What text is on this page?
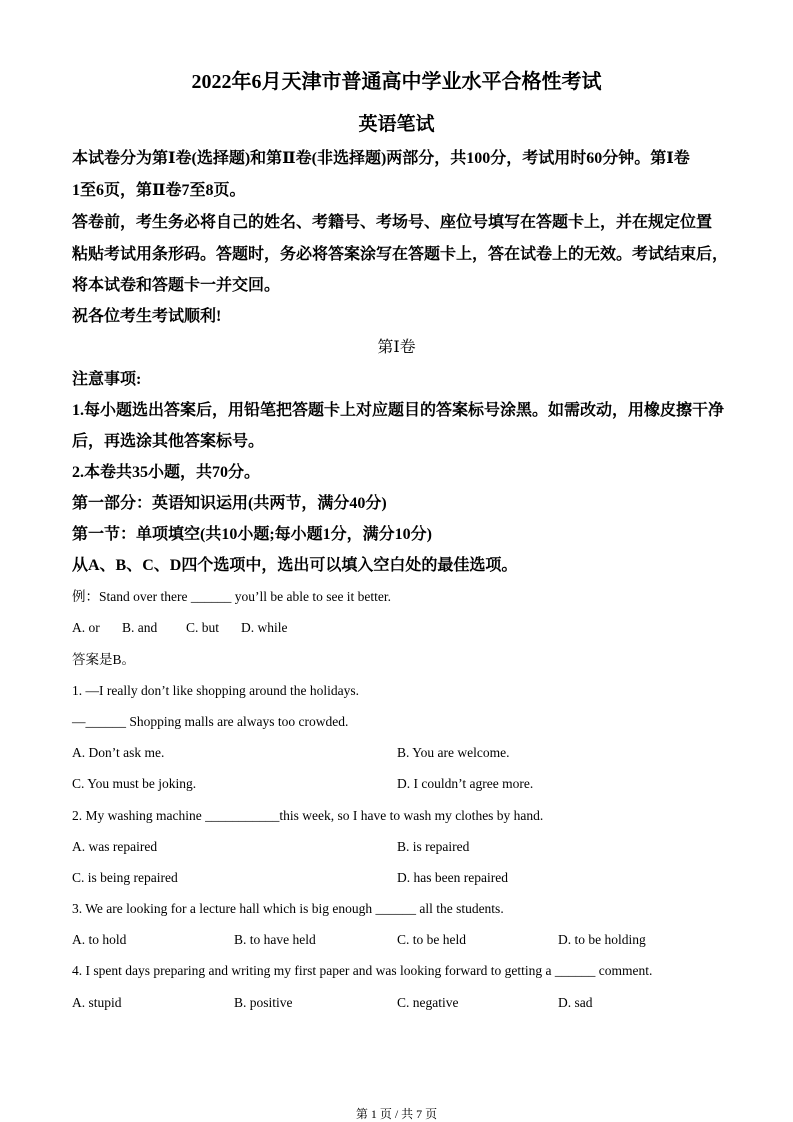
2022年6月天津市普通高中学业水平合格性考试
英语笔试
本试卷分为第Ⅰ卷(选择题)和第Ⅱ卷(非选择题)两部分，共100分，考试用时60分钟。第Ⅰ卷
1至6页，第Ⅱ卷7至8页。
答卷前，考生务必将自己的姓名、考籍号、考场号、座位号填写在答题卡上，并在规定位置
粘贴考试用条形码。答题时，务必将答案涂写在答题卡上，答在试卷上的无效。考试结束后，
将本试卷和答题卡一并交回。
祝各位考生考试顺利!
第Ⅰ卷
注意事项:
1.每小题选出答案后，用铅笔把答题卡上对应题目的答案标号涂黑。如需改动，用橡皮擦干净
后，再选涂其他答案标号。
2.本卷共35小题，共70分。
第一部分：英语知识运用(共两节，满分40分)
第一节：单项填空(共10小题;每小题1分，满分10分)
从A、B、C、D四个选项中，选出可以填入空白处的最佳选项。
例：Stand over there ______ you’ll be able to see it better.
A. or B. and C. but D. while
答案是B。
1. —I really don’t like shopping around the holidays.
—______ Shopping malls are always too crowded.
A. Don’t ask me.	B. You are welcome.
C. You must be joking.	D. I couldn’t agree more.
2. My washing machine ___________this week, so I have to wash my clothes by hand.
A. was repaired	B. is repaired
C. is being repaired	D. has been repaired
3. We are looking for a lecture hall which is big enough ______ all the students.
A. to hold	B. to have held	C. to be held	D. to be holding
4. I spent days preparing and writing my first paper and was looking forward to getting a ______ comment.
A. stupid	B. positive	C. negative	D. sad
第 1 页 / 共 7 页
